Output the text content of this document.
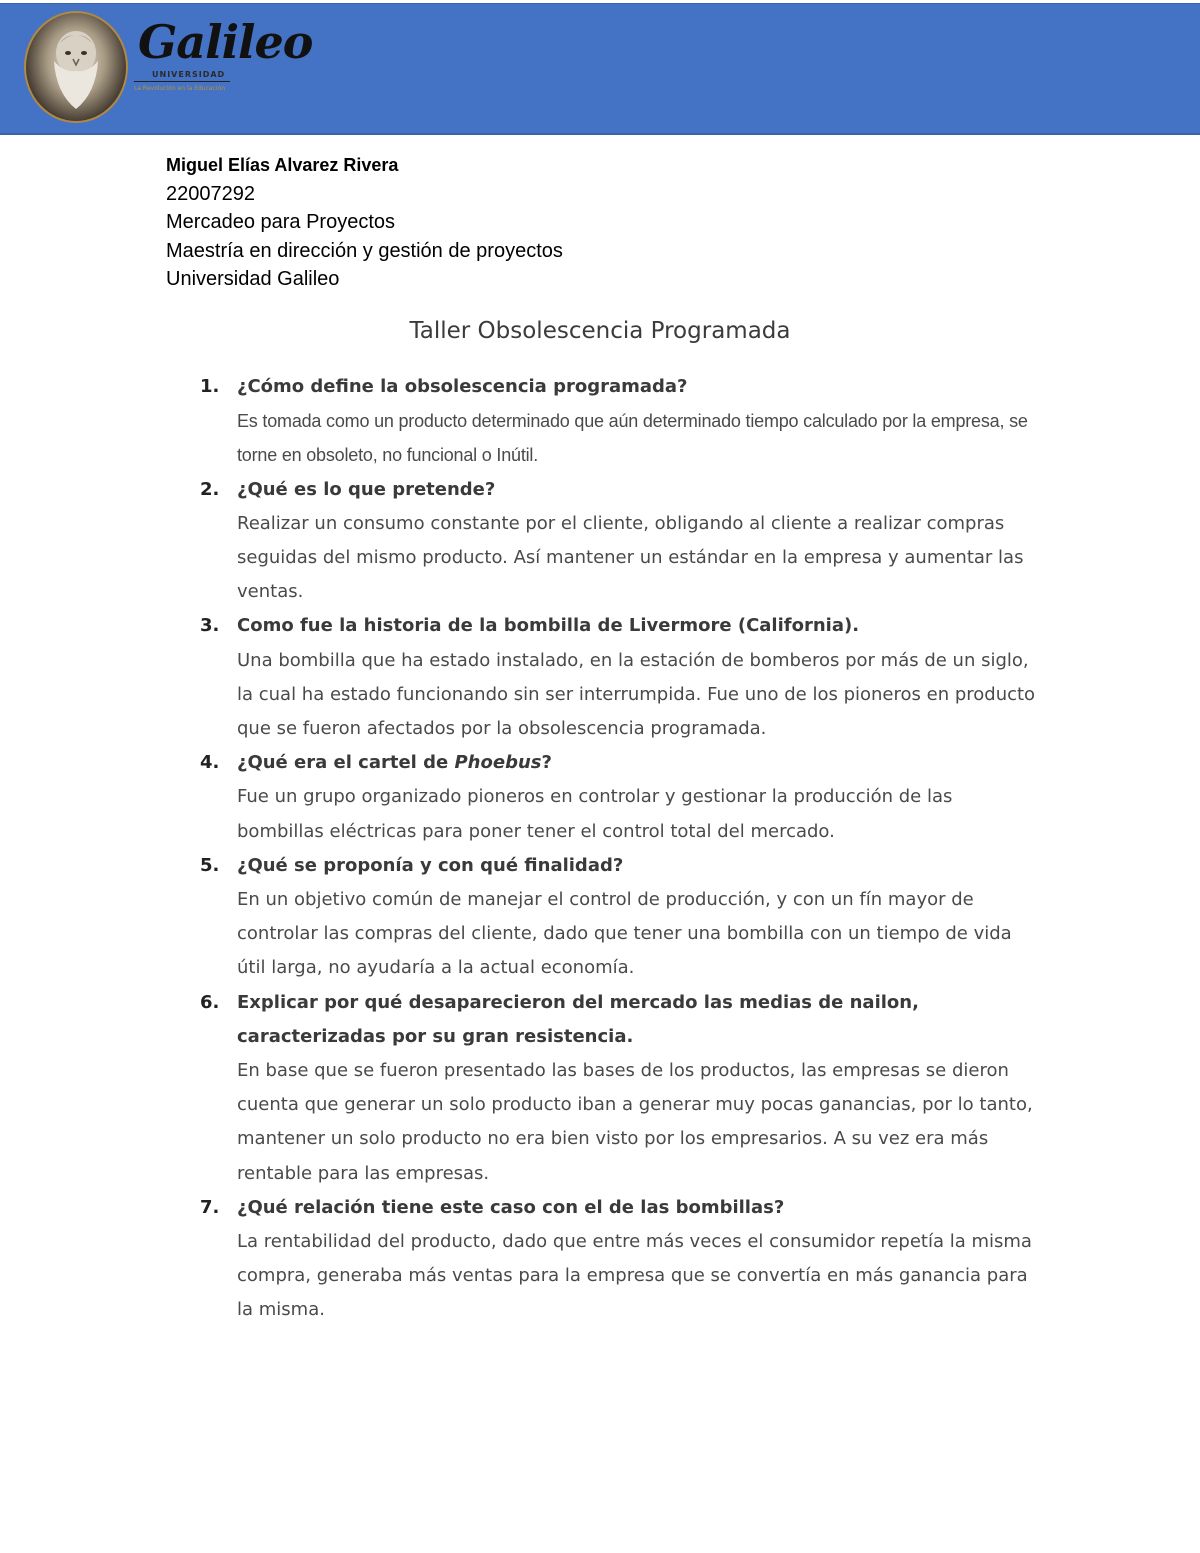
Galileo
UNIVERSIDAD
La Revolución en la Educación
Miguel Elías Alvarez Rivera
22007292
Mercadeo para Proyectos
Maestría en dirección y gestión de proyectos
Universidad Galileo
Taller Obsolescencia Programada
1. ¿Cómo define la obsolescencia programada?

Es tomada como un producto determinado que aún determinado tiempo calculado por la empresa, se torne en obsoleto, no funcional o Inútil.

2. ¿Qué es lo que pretende?

Realizar un consumo constante por el cliente, obligando al cliente a realizar compras seguidas del mismo producto. Así mantener un estándar en la empresa y aumentar las ventas.

3. Como fue la historia de la bombilla de Livermore (California).

Una bombilla que ha estado instalado, en la estación de bomberos por más de un siglo, la cual ha estado funcionando sin ser interrumpida. Fue uno de los pioneros en producto que se fueron afectados por la obsolescencia programada.

4. ¿Qué era el cartel de Phoebus?

Fue un grupo organizado pioneros en controlar y gestionar la producción de las bombillas eléctricas para poner tener el control total del mercado.

5. ¿Qué se proponía y con qué finalidad?

En un objetivo común de manejar el control de producción, y con un fín mayor de controlar las compras del cliente, dado que tener una bombilla con un tiempo de vida útil larga, no ayudaría a la actual economía.

6. Explicar por qué desaparecieron del mercado las medias de nailon, caracterizadas por su gran resistencia.

En base que se fueron presentado las bases de los productos, las empresas se dieron cuenta que generar un solo producto iban a generar muy pocas ganancias, por lo tanto, mantener un solo producto no era bien visto por los empresarios. A su vez era más rentable para las empresas.

7. ¿Qué relación tiene este caso con el de las bombillas?

La rentabilidad del producto, dado que entre más veces el consumidor repetía la misma compra, generaba más ventas para la empresa que se convertía en más ganancia para la misma.
